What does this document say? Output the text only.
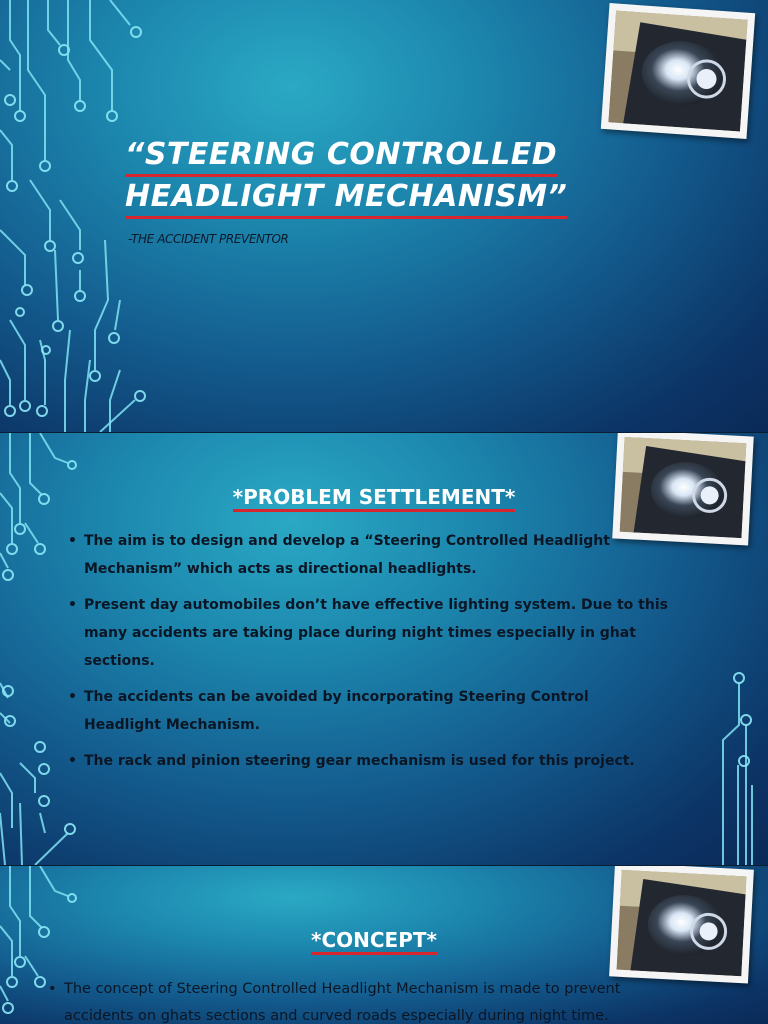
“STEERING CONTROLLED
HEADLIGHT MECHANISM”
-THE ACCIDENT PREVENTOR
*PROBLEM SETTLEMENT*
• The aim is to design and develop a “Steering Controlled Headlight Mechanism” which acts as directional headlights.
• Present day automobiles don’t have effective lighting system. Due to this many accidents are taking place during night times especially in ghat sections.
• The accidents can be avoided by incorporating Steering Control Headlight Mechanism.
• The rack and pinion steering gear mechanism is used for this project.
*CONCEPT*
• The concept of Steering Controlled Headlight Mechanism is made to prevent accidents on ghats sections and curved roads especially during night time.
